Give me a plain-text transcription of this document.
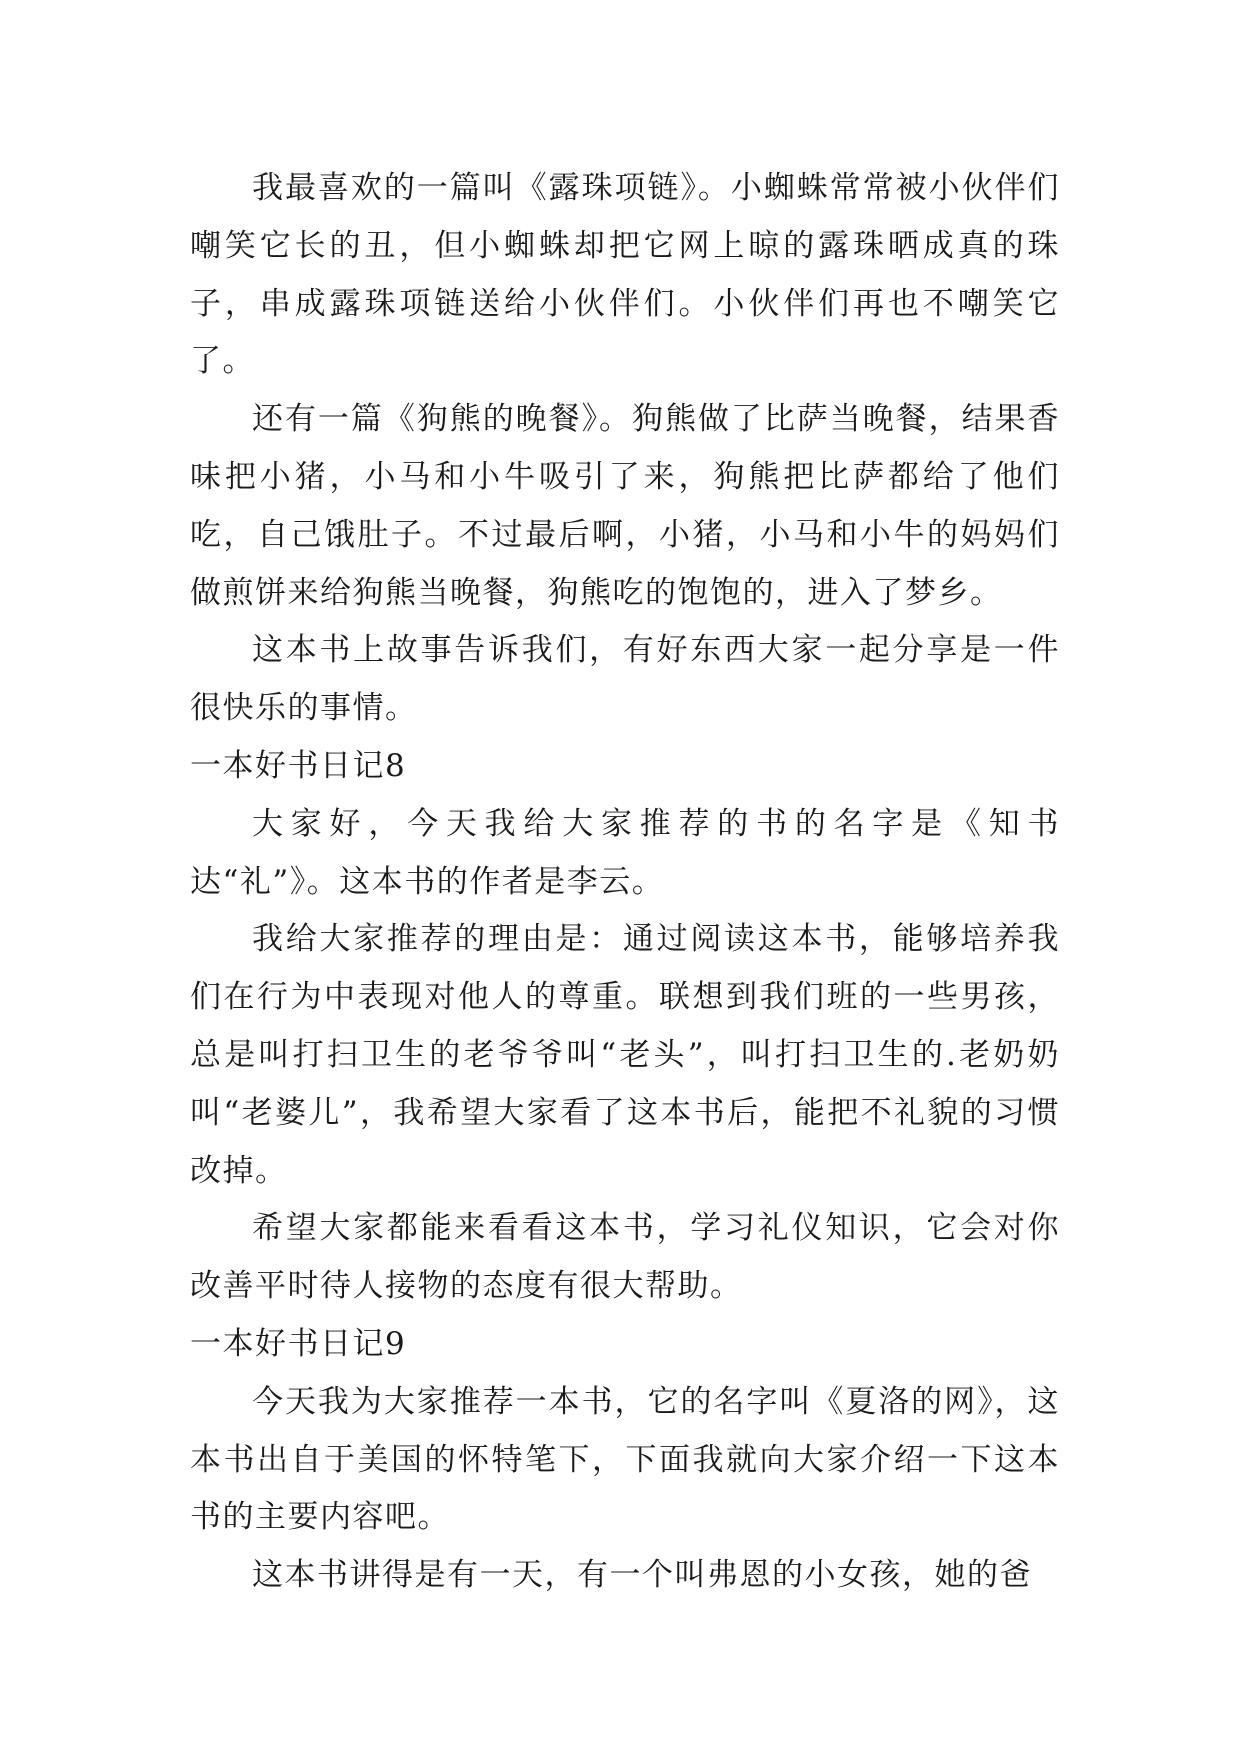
我最喜欢的一篇叫《露珠项链》。小蜘蛛常常被小伙伴们嘲笑它长的丑，但小蜘蛛却把它网上晾的露珠晒成真的珠子，串成露珠项链送给小伙伴们。小伙伴们再也不嘲笑它了。

还有一篇《狗熊的晚餐》。狗熊做了比萨当晚餐，结果香味把小猪，小马和小牛吸引了来，狗熊把比萨都给了他们吃，自己饿肚子。不过最后啊，小猪，小马和小牛的妈妈们做煎饼来给狗熊当晚餐，狗熊吃的饱饱的，进入了梦乡。

这本书上故事告诉我们，有好东西大家一起分享是一件很快乐的事情。

一本好书日记8

大家好，今天我给大家推荐的书的名字是《知书达“礼”》。这本书的作者是李云。

我给大家推荐的理由是：通过阅读这本书，能够培养我们在行为中表现对他人的尊重。联想到我们班的一些男孩，总是叫打扫卫生的老爷爷叫“老头”，叫打扫卫生的.老奶奶叫“老婆儿”，我希望大家看了这本书后，能把不礼貌的习惯改掉。

希望大家都能来看看这本书，学习礼仪知识，它会对你改善平时待人接物的态度有很大帮助。

一本好书日记9

今天我为大家推荐一本书，它的名字叫《夏洛的网》，这本书出自于美国的怀特笔下，下面我就向大家介绍一下这本书的主要内容吧。

这本书讲得是有一天，有一个叫弗恩的小女孩，她的爸
